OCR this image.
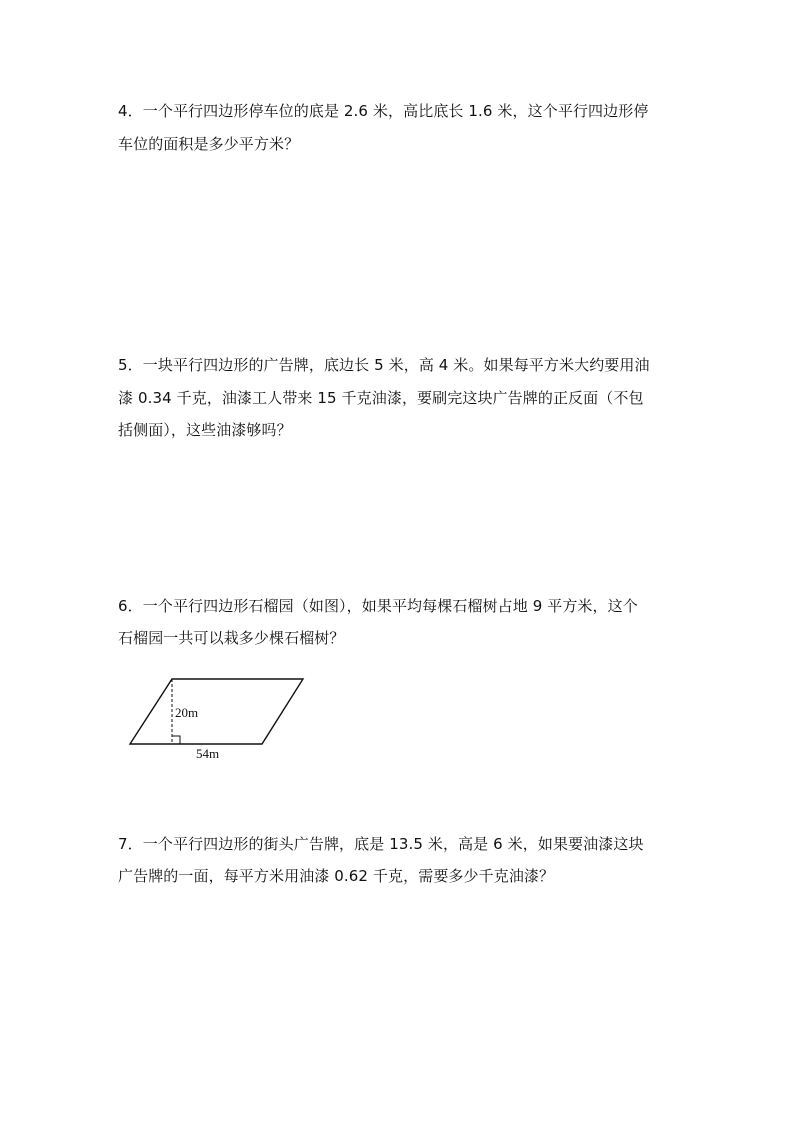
4．一个平行四边形停车位的底是 2.6 米，高比底长 1.6 米，这个平行四边形停

车位的面积是多少平方米？

5．一块平行四边形的广告牌，底边长 5 米，高 4 米。如果每平方米大约要用油

漆 0.34 千克，油漆工人带来 15 千克油漆，要刷完这块广告牌的正反面（不包

括侧面），这些油漆够吗？

6．一个平行四边形石榴园（如图），如果平均每棵石榴树占地 9 平方米，这个

石榴园一共可以栽多少棵石榴树？

20m
54m

7．一个平行四边形的街头广告牌，底是 13.5 米，高是 6 米，如果要油漆这块

广告牌的一面，每平方米用油漆 0.62 千克，需要多少千克油漆？
